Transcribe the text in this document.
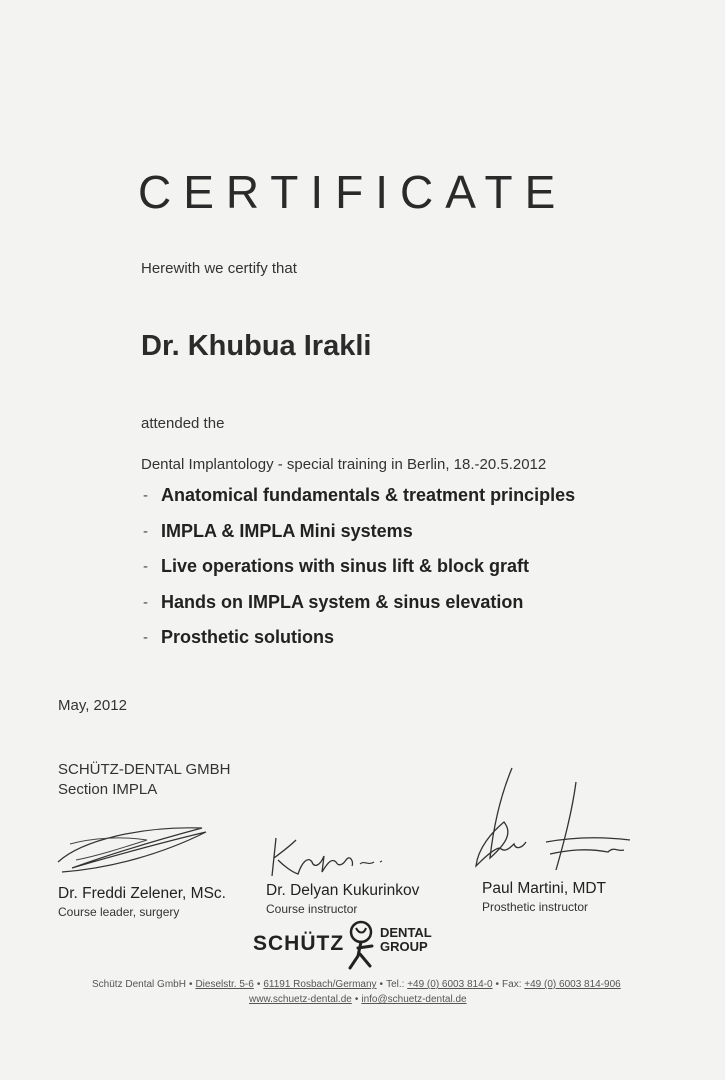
CERTIFICATE
Herewith we certify that
Dr. Khubua Irakli
attended the
Dental Implantology - special training in Berlin, 18.-20.5.2012
- Anatomical fundamentals & treatment principles
- IMPLA & IMPLA Mini systems
- Live operations with sinus lift & block graft
- Hands on IMPLA system & sinus elevation
- Prosthetic solutions
May, 2012
SCHÜTZ-DENTAL GMBH
Section IMPLA
Dr. Freddi Zelener, MSc.
Course leader, surgery
Dr. Delyan Kukurinkov
Course instructor
Paul Martini, MDT
Prosthetic instructor
SCHÜTZ	DENTAL
GROUP
Schütz Dental GmbH • Dieselstr. 5-6 • 61191 Rosbach/Germany • Tel.: +49 (0) 6003 814-0 • Fax: +49 (0) 6003 814-906
www.schuetz-dental.de • info@schuetz-dental.de
